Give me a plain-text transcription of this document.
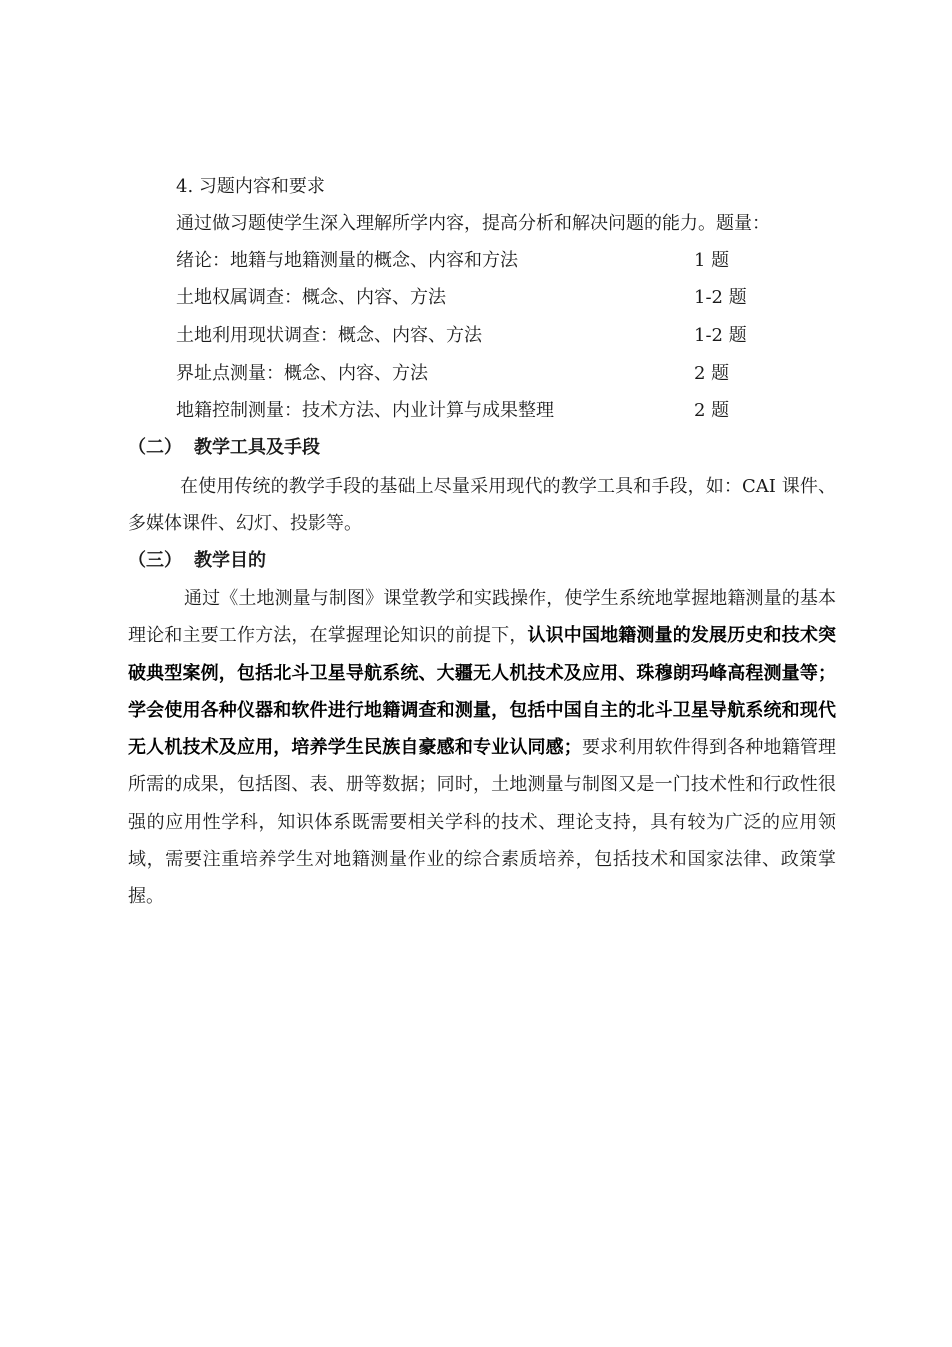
4. 习题内容和要求
通过做习题使学生深入理解所学内容，提高分析和解决问题的能力。题量：
绪论：地籍与地籍测量的概念、内容和方法	1 题
土地权属调查：概念、内容、方法	1-2 题
土地利用现状调查：概念、内容、方法	1-2 题
界址点测量：概念、内容、方法	2 题
地籍控制测量：技术方法、内业计算与成果整理	2 题
（二） 教学工具及手段
在使用传统的教学手段的基础上尽量采用现代的教学工具和手段，如：CAI 课件、多媒体课件、幻灯、投影等。
（三） 教学目的
通过《土地测量与制图》课堂教学和实践操作，使学生系统地掌握地籍测量的基本理论和主要工作方法，在掌握理论知识的前提下，认识中国地籍测量的发展历史和技术突破典型案例，包括北斗卫星导航系统、大疆无人机技术及应用、珠穆朗玛峰高程测量等；学会使用各种仪器和软件进行地籍调查和测量，包括中国自主的北斗卫星导航系统和现代无人机技术及应用，培养学生民族自豪感和专业认同感；要求利用软件得到各种地籍管理所需的成果，包括图、表、册等数据；同时，土地测量与制图又是一门技术性和行政性很强的应用性学科，知识体系既需要相关学科的技术、理论支持，具有较为广泛的应用领域，需要注重培养学生对地籍测量作业的综合素质培养，包括技术和国家法律、政策掌握。
